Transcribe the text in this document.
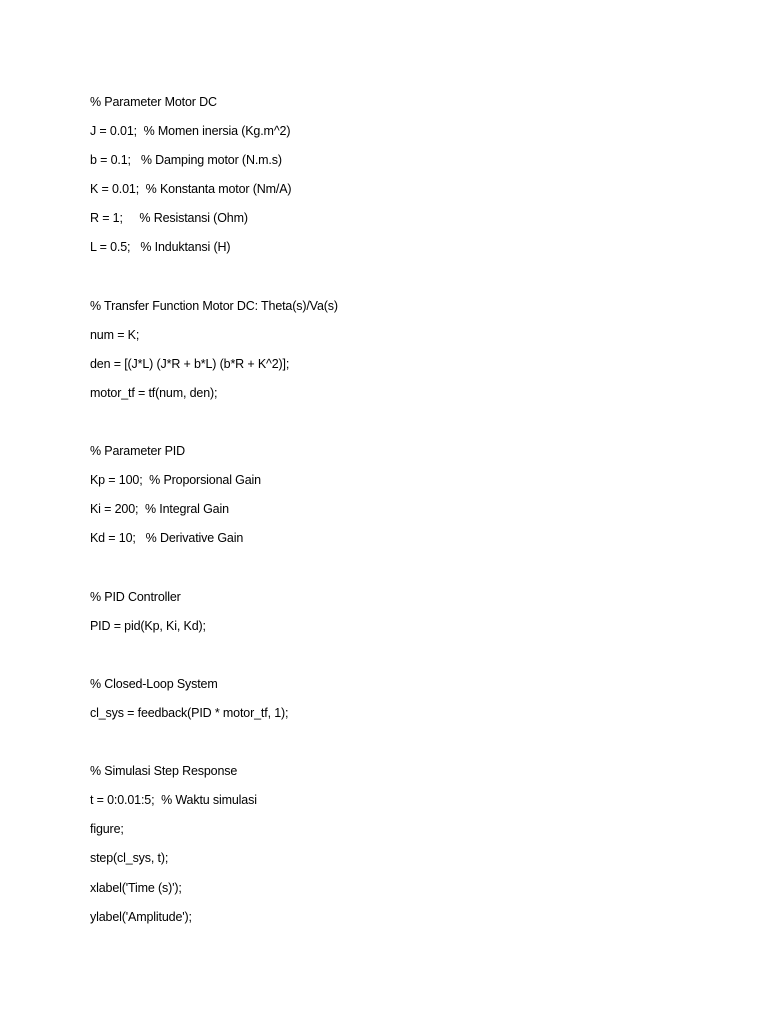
% Parameter Motor DC
J = 0.01;  % Momen inersia (Kg.m^2)
b = 0.1;   % Damping motor (N.m.s)
K = 0.01;  % Konstanta motor (Nm/A)
R = 1;     % Resistansi (Ohm)
L = 0.5;   % Induktansi (H)
% Transfer Function Motor DC: Theta(s)/Va(s)
num = K;
den = [(J*L) (J*R + b*L) (b*R + K^2)];
motor_tf = tf(num, den);
% Parameter PID
Kp = 100;  % Proporsional Gain
Ki = 200;  % Integral Gain
Kd = 10;   % Derivative Gain
% PID Controller
PID = pid(Kp, Ki, Kd);
% Closed-Loop System
cl_sys = feedback(PID * motor_tf, 1);
% Simulasi Step Response
t = 0:0.01:5;  % Waktu simulasi
figure;
step(cl_sys, t);
xlabel('Time (s)');
ylabel('Amplitude');
